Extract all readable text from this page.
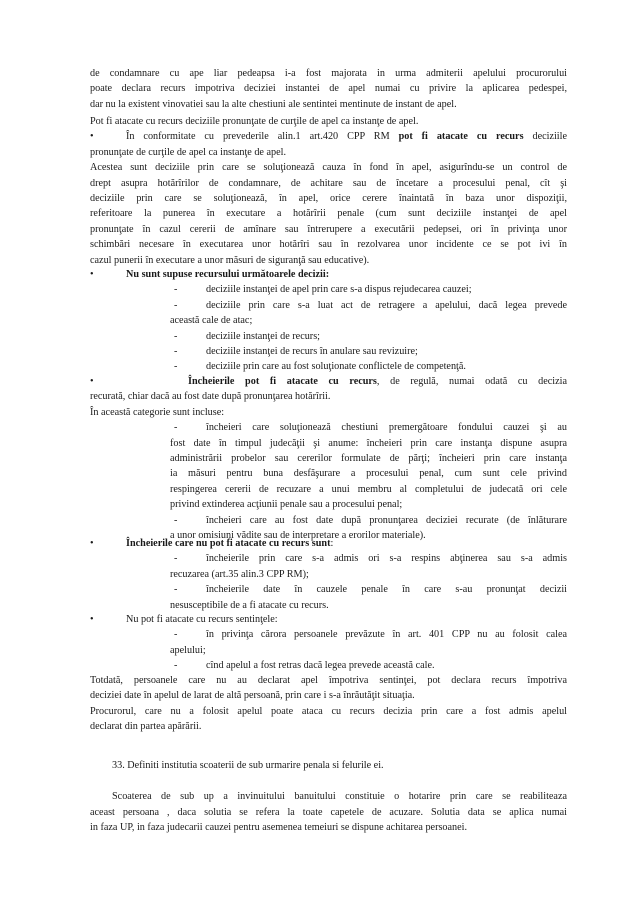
de condamnare cu ape liar pedeapsa i-a fost majorata in urma admiterii apelului procurorului

poate declara recurs impotriva deciziei instantei de apel numai cu privire la aplicarea pedespei,

dar nu la existent vinovatiei sau la alte chestiuni ale sentintei mentinute de instant de apel.

Pot fi atacate cu recurs deciziile pronunţate de curţile de apel ca instanţe de apel.

•	În conformitate cu prevederile alin.1 art.420 CPP RM pot fi atacate cu recurs deciziile

pronunţate de curţile de apel ca instanţe de apel.

Acestea sunt deciziile prin care se soluţionează cauza în fond în apel, asigurîndu-se un control de

drept asupra hotărîrilor de condamnare, de achitare sau de încetare a procesului penal, cît şi

deciziile prin care se soluţionează, în apel, orice cerere înaintată în baza unor dispoziţii,

referitoare la punerea în executare a hotărîrii penale (cum sunt deciziile instanţei de apel

pronunţate în cazul cererii de amînare sau întrerupere a executării pedepsei, ori în privinţa unor

schimbări necesare în executarea unor hotărîri sau în rezolvarea unor incidente ce se pot ivi în

cazul punerii în executare a unor măsuri de siguranţă sau educative).

•	Nu sunt supuse recursului următoarele decizii:

-	deciziile instanţei de apel prin care s-a dispus rejudecarea cauzei;

-	deciziile prin care s-a luat act de retragere a apelului, dacă legea prevede

această cale de atac;

-	deciziile instanţei de recurs;

-	deciziile instanţei de recurs în anulare sau revizuire;

-	deciziile prin care au fost soluţionate conflictele de competenţă.

•	Încheierile pot fi atacate cu recurs, de regulă, numai odată cu decizia

recurată, chiar dacă au fost date după pronunţarea hotărîrii.

În această categorie sunt incluse:

-	încheieri care soluţionează chestiuni premergătoare fondului cauzei şi au

fost date în timpul judecăţii şi anume: încheieri prin care instanţa dispune asupra

administrării probelor sau cererilor formulate de părţi; încheieri prin care instanţa

ia măsuri pentru buna desfăşurare a procesului penal, cum sunt cele privind

respingerea cererii de recuzare a unui membru al completului de judecată ori cele

privind extinderea acţiunii penale sau a procesului penal;

-	încheieri care au fost date după pronunţarea deciziei recurate (de înlăturare

a unor omisiuni vădite sau de interpretare a erorilor materiale).

•	Încheierile care nu pot fi atacate cu recurs sunt:

-	încheierile prin care s-a admis ori s-a respins abţinerea sau s-a admis

recuzarea (art.35 alin.3 CPP RM);

-	încheierile date în cauzele penale în care s-au pronunţat decizii

nesusceptibile de a fi atacate cu recurs.

•	Nu pot fi atacate cu recurs sentinţele:

-	în privinţa cărora persoanele prevăzute în art. 401 CPP nu au folosit calea

apelului;

-	cînd apelul a fost retras dacă legea prevede această cale.

Totdată, persoanele care nu au declarat apel împotriva sentinţei, pot declara recurs împotriva

deciziei date în apelul de larat de altă persoană, prin care i s-a înrăutăţit situaţia.

Procurorul, care nu a folosit apelul poate ataca cu recurs decizia prin care a fost admis apelul

declarat din partea apărării.

33. Definiti institutia scoaterii de sub urmarire penala si felurile ei.

Scoaterea de sub up a invinuitului banuitului constituie o hotarire prin care se reabiliteaza

aceast persoana , daca solutia se refera la toate capetele de acuzare. Solutia data se aplica numai

in faza UP, in faza judecarii cauzei pentru asemenea temeiuri se dispune achitarea persoanei.
